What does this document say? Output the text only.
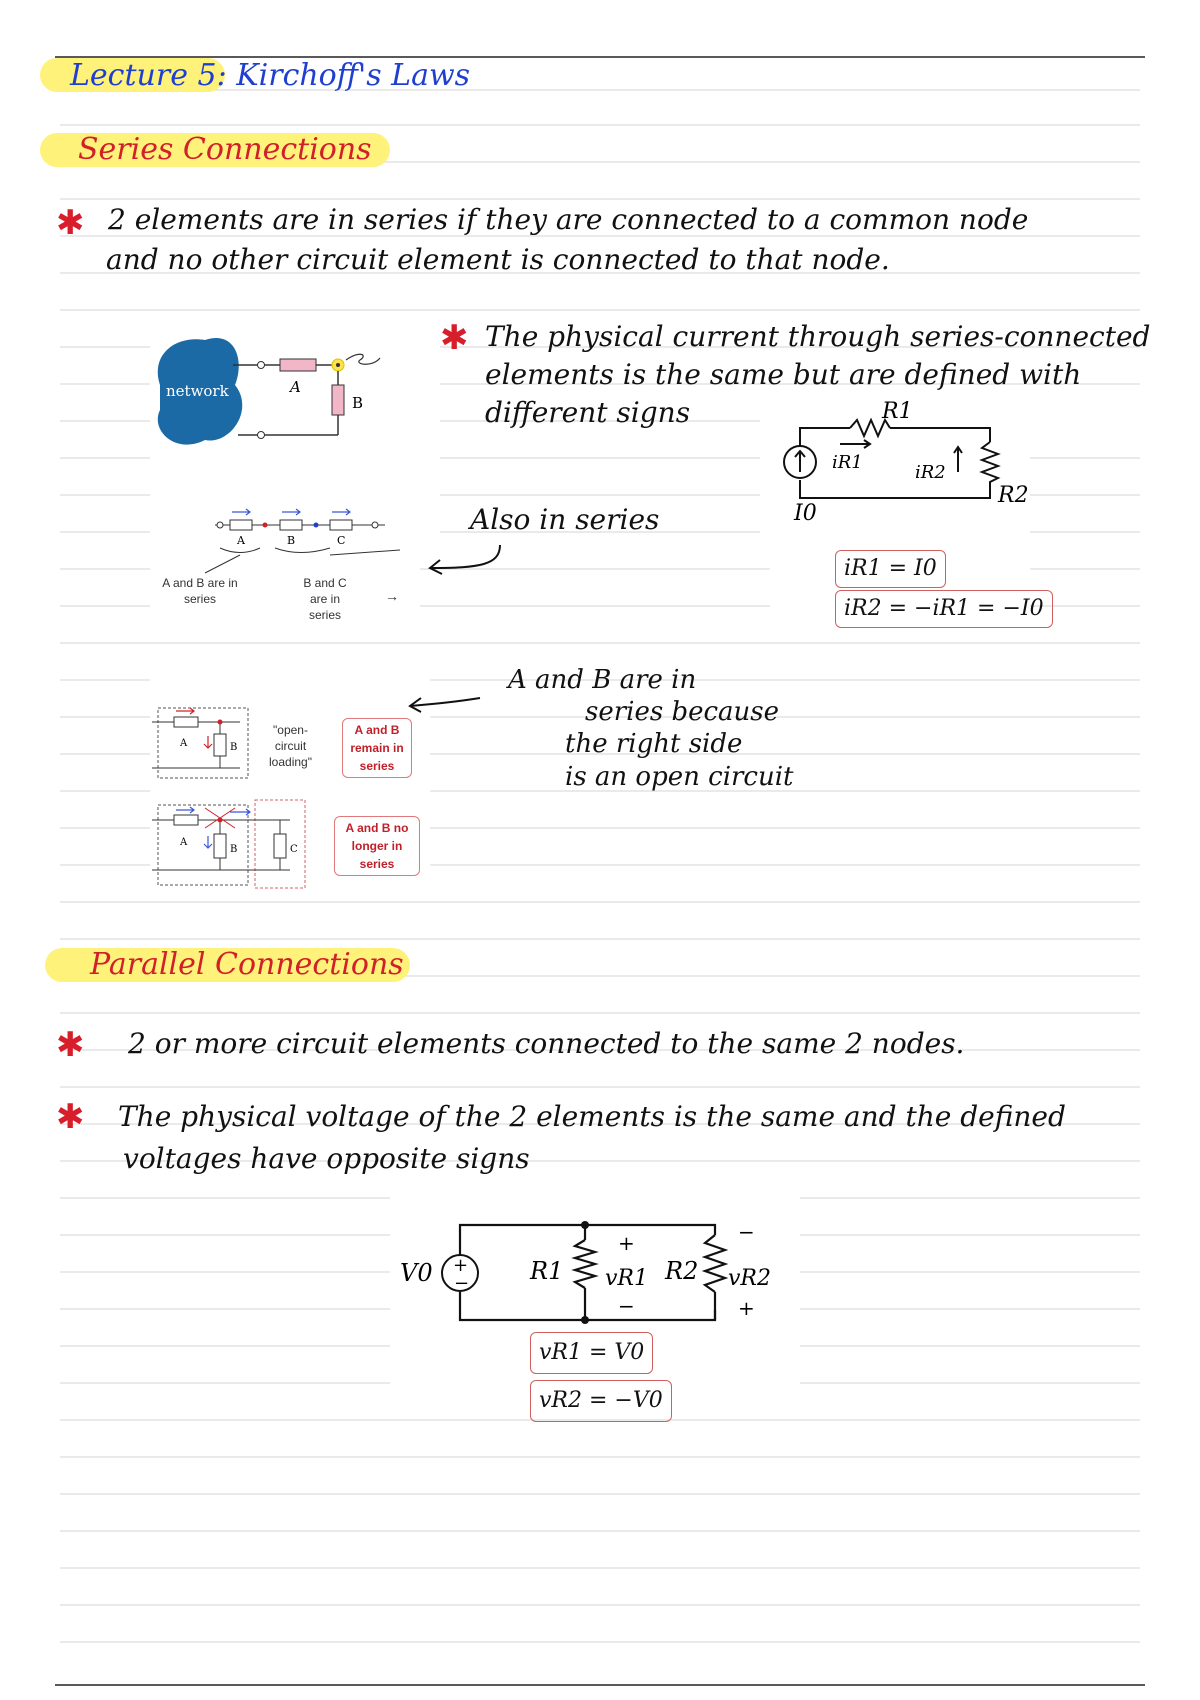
Lecture 5: Kirchoff's Laws
Series Connections
✱ 2 elements are in series if they are connected to a common node
and no other circuit element is connected to that node.
network	A
B
✱ The physical current through series-connected
elements is the same but are defined with
different signs
A	B	C
A and B are in series
B and C are in series
→
Also in series
R1
I0
iR1	iR2
R2
iR1 = I0
iR2 = −iR1 = −I0
A	B
A
B	C
"open-circuit loading"
A and B remain in series
A and B no longer in series
A and B are in
series because
the right side
is an open circuit
Parallel Connections
✱ 2 or more circuit elements connected to the same 2 nodes.
✱ The physical voltage of the 2 elements is the same and the defined
voltages have opposite signs
+
−
V0	R1 vR1
+
−
R2 vR2
−
+
vR1 = V0
vR2 = −V0
